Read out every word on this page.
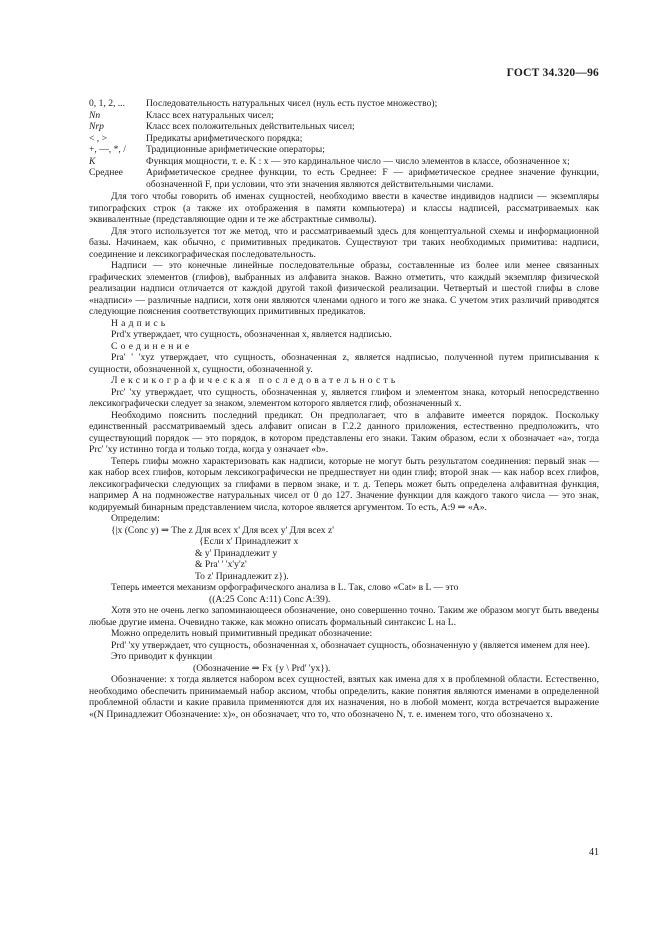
ГОСТ 34.320—96
0, 1, 2, ...	Последовательность натуральных чисел (нуль есть пустое множество);
Nn	Класс всех натуральных чисел;
Nrp	Класс всех положительных действительных чисел;
< , >	Предикаты арифметического порядка;
+, —, *, /	Традиционные арифметические операторы;
K	Функция мощности, т. е. K : x — это кардинальное число — число элементов в классе, обозначенное x;
Среднее	Арифметическое среднее функции, то есть Среднее: F — арифметическое среднее значение функции, обозначенной F, при условии, что эти значения являются действительными числами.

Для того чтобы говорить об именах сущностей, необходимо ввести в качестве индивидов надписи — экземпляры типографских строк (а также их отображения в памяти компьютера) и классы надписей, рассматриваемых как эквивалентные (представляющие одни и те же абстрактные символы).

Для этого используется тот же метод, что и рассматриваемый здесь для концептуальной схемы и информационной базы. Начинаем, как обычно, с примитивных предикатов. Существуют три таких необходимых примитива: надписи, соединение и лексикографическая последовательность.

Надписи — это конечные линейные последовательные образы, составленные из более или менее связанных графических элементов (глифов), выбранных из алфавита знаков. Важно отметить, что каждый экземпляр физической реализации надписи отличается от каждой другой такой физической реализации. Четвертый и шестой глифы в слове «надписи» — различные надписи, хотя они являются членами одного и того же знака. С учетом этих различий приводятся следующие пояснения соответствующих примитивных предикатов.

Надпись

Prd'x утверждает, что сущность, обозначенная x, является надписью.

Соединение

Pra' ' 'xyz утверждает, что сущность, обозначенная z, является надписью, полученной путем приписывания к сущности, обозначенной x, сущности, обозначенной y.

Лексикографическая последовательность

Prc' 'xy утверждает, что сущность, обозначенная y, является глифом и элементом знака, который непосредственно лексикографически следует за знаком, элементом которого является глиф, обозначенный x.

Необходимо пояснить последний предикат. Он предполагает, что в алфавите имеется порядок. Поскольку единственный рассматриваемый здесь алфавит описан в Г.2.2 данного приложения, естественно предположить, что существующий порядок — это порядок, в котором представлены его знаки. Таким образом, если x обозначает «a», тогда Prc' 'xy истинно тогда и только тогда, когда y означает «b».

Теперь глифы можно характеризовать как надписи, которые не могут быть результатом соединения: первый знак — как набор всех глифов, которым лексикографически не предшествует ни один глиф; второй знак — как набор всех глифов, лексикографически следующих за глифами в первом знаке, и т. д. Теперь может быть определена алфавитная функция, например A на подмножестве натуральных чисел от 0 до 127. Значение функции для каждого такого числа — это знак, кодируемый бинарным представлением числа, которое является аргументом. То есть, A:9 ⇒ «A».

Определим:

{|x (Conc y) ⇒ The z Для всех x' Для всех y' Для всех z'

{Если x' Принадлежит x

& y' Принадлежит y

& Pra' ' 'x'y'z'

То z' Принадлежит z}).

Теперь имеется механизм орфографического анализа в L. Так, слово «Cat» в L — это

((A:25 Conc A:11) Conc A:39).

Хотя это не очень легко запоминающееся обозначение, оно совершенно точно. Таким же образом могут быть введены любые другие имена. Очевидно также, как можно описать формальный синтаксис L на L.

Можно определить новый примитивный предикат обозначение:

Prd' 'xy утверждает, что сущность, обозначенная x, обозначает сущность, обозначенную y (является именем для нее).

Это приводит к функции

(Обозначение ⇒ Fx {y \ Prd' 'yx}).

Обозначение: x тогда является набором всех сущностей, взятых как имена для x в проблемной области. Естественно, необходимо обеспечить принимаемый набор аксиом, чтобы определить, какие понятия являются именами в определенной проблемной области и какие правила применяются для их назначения, но в любой момент, когда встречается выражение «(N Принадлежит Обозначение: x)», он обозначает, что то, что обозначено N, т. е. именем того, что обозначено x.

41
